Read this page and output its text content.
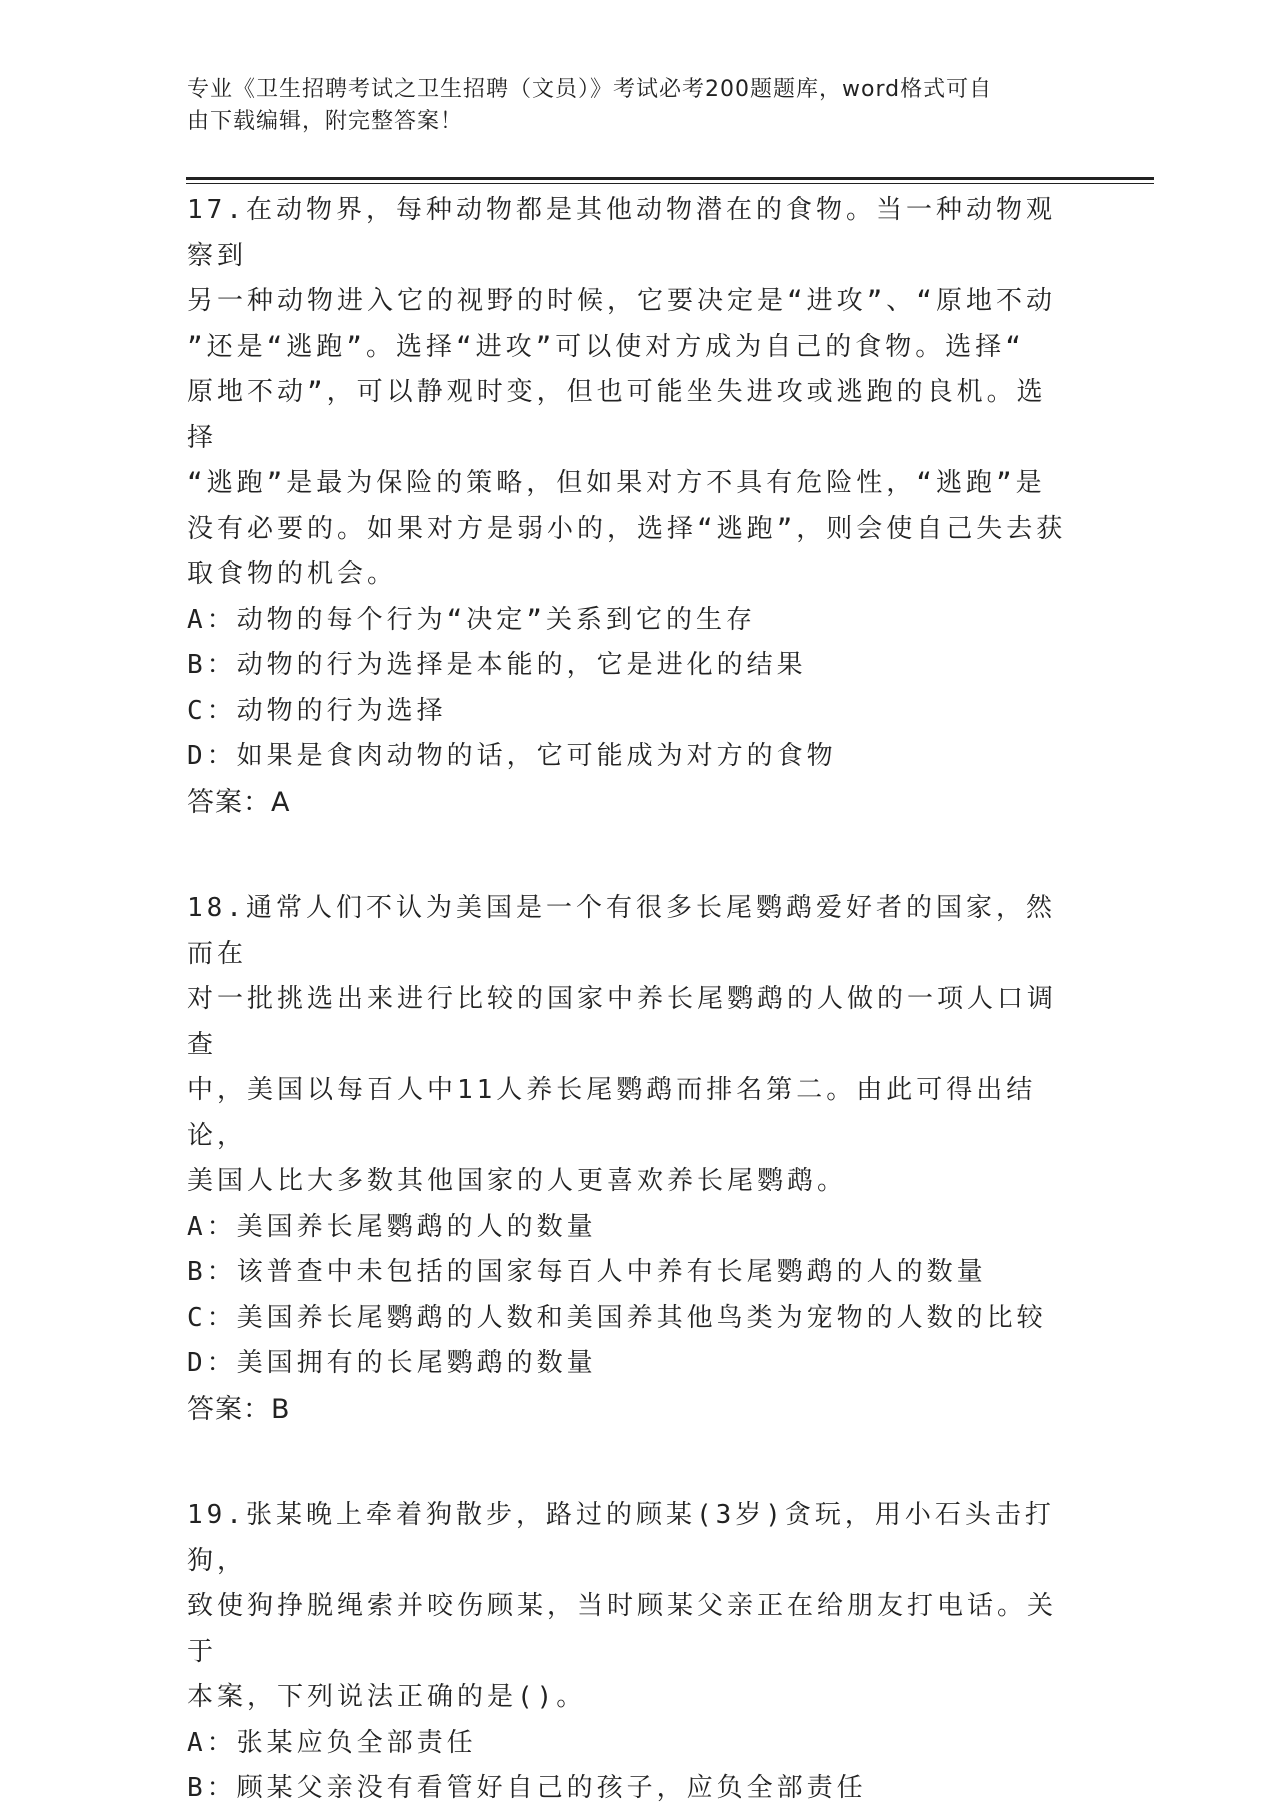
专业《卫生招聘考试之卫生招聘（文员）》考试必考200题题库，word格式可自
由下载编辑，附完整答案！
17.在动物界，每种动物都是其他动物潜在的食物。当一种动物观察到
另一种动物进入它的视野的时候，它要决定是“进攻”、“原地不动
”还是“逃跑”。选择“进攻”可以使对方成为自己的食物。选择“
原地不动”，可以静观时变，但也可能坐失进攻或逃跑的良机。选择
“逃跑”是最为保险的策略，但如果对方不具有危险性，“逃跑”是
没有必要的。如果对方是弱小的，选择“逃跑”，则会使自己失去获
取食物的机会。
A：动物的每个行为“决定”关系到它的生存
B：动物的行为选择是本能的，它是进化的结果
C：动物的行为选择
D：如果是食肉动物的话，它可能成为对方的食物
答案：A
18.通常人们不认为美国是一个有很多长尾鹦鹉爱好者的国家，然而在
对一批挑选出来进行比较的国家中养长尾鹦鹉的人做的一项人口调查
中，美国以每百人中11人养长尾鹦鹉而排名第二。由此可得出结论，
美国人比大多数其他国家的人更喜欢养长尾鹦鹉。
A：美国养长尾鹦鹉的人的数量
B：该普查中未包括的国家每百人中养有长尾鹦鹉的人的数量
C：美国养长尾鹦鹉的人数和美国养其他鸟类为宠物的人数的比较
D：美国拥有的长尾鹦鹉的数量
答案：B
19.张某晚上牵着狗散步，路过的顾某(3岁)贪玩，用小石头击打狗，
致使狗挣脱绳索并咬伤顾某，当时顾某父亲正在给朋友打电话。关于
本案，下列说法正确的是()。
A：张某应负全部责任
B：顾某父亲没有看管好自己的孩子，应负全部责任
